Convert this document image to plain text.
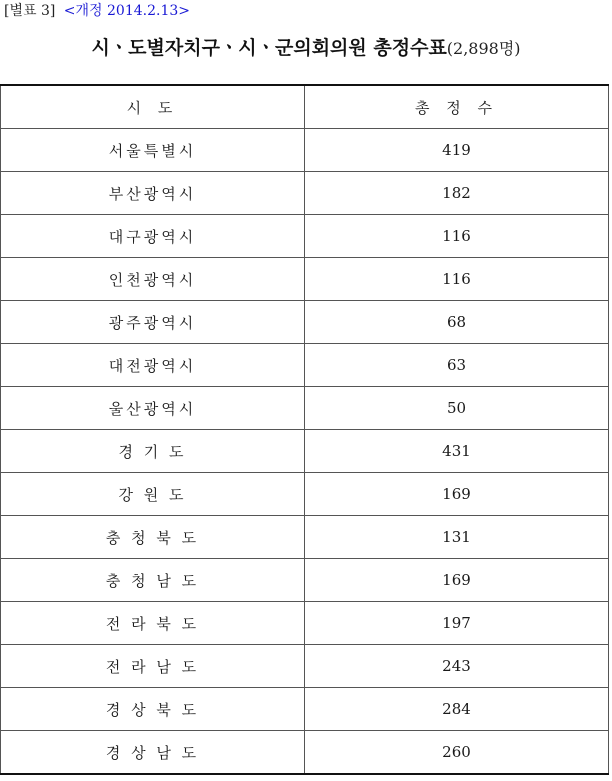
[별표 3] <개정 2014.2.13>
시ㆍ도별자치구ㆍ시ㆍ군의회의원 총정수표(2,898명)
시 도	총 정 수
서울특별시	419
부산광역시	182
대구광역시	116
인천광역시	116
광주광역시	68
대전광역시	63
울산광역시	50
경 기 도	431
강 원 도	169
충 청 북 도	131
충 청 남 도	169
전 라 북 도	197
전 라 남 도	243
경 상 북 도	284
경 상 남 도	260
